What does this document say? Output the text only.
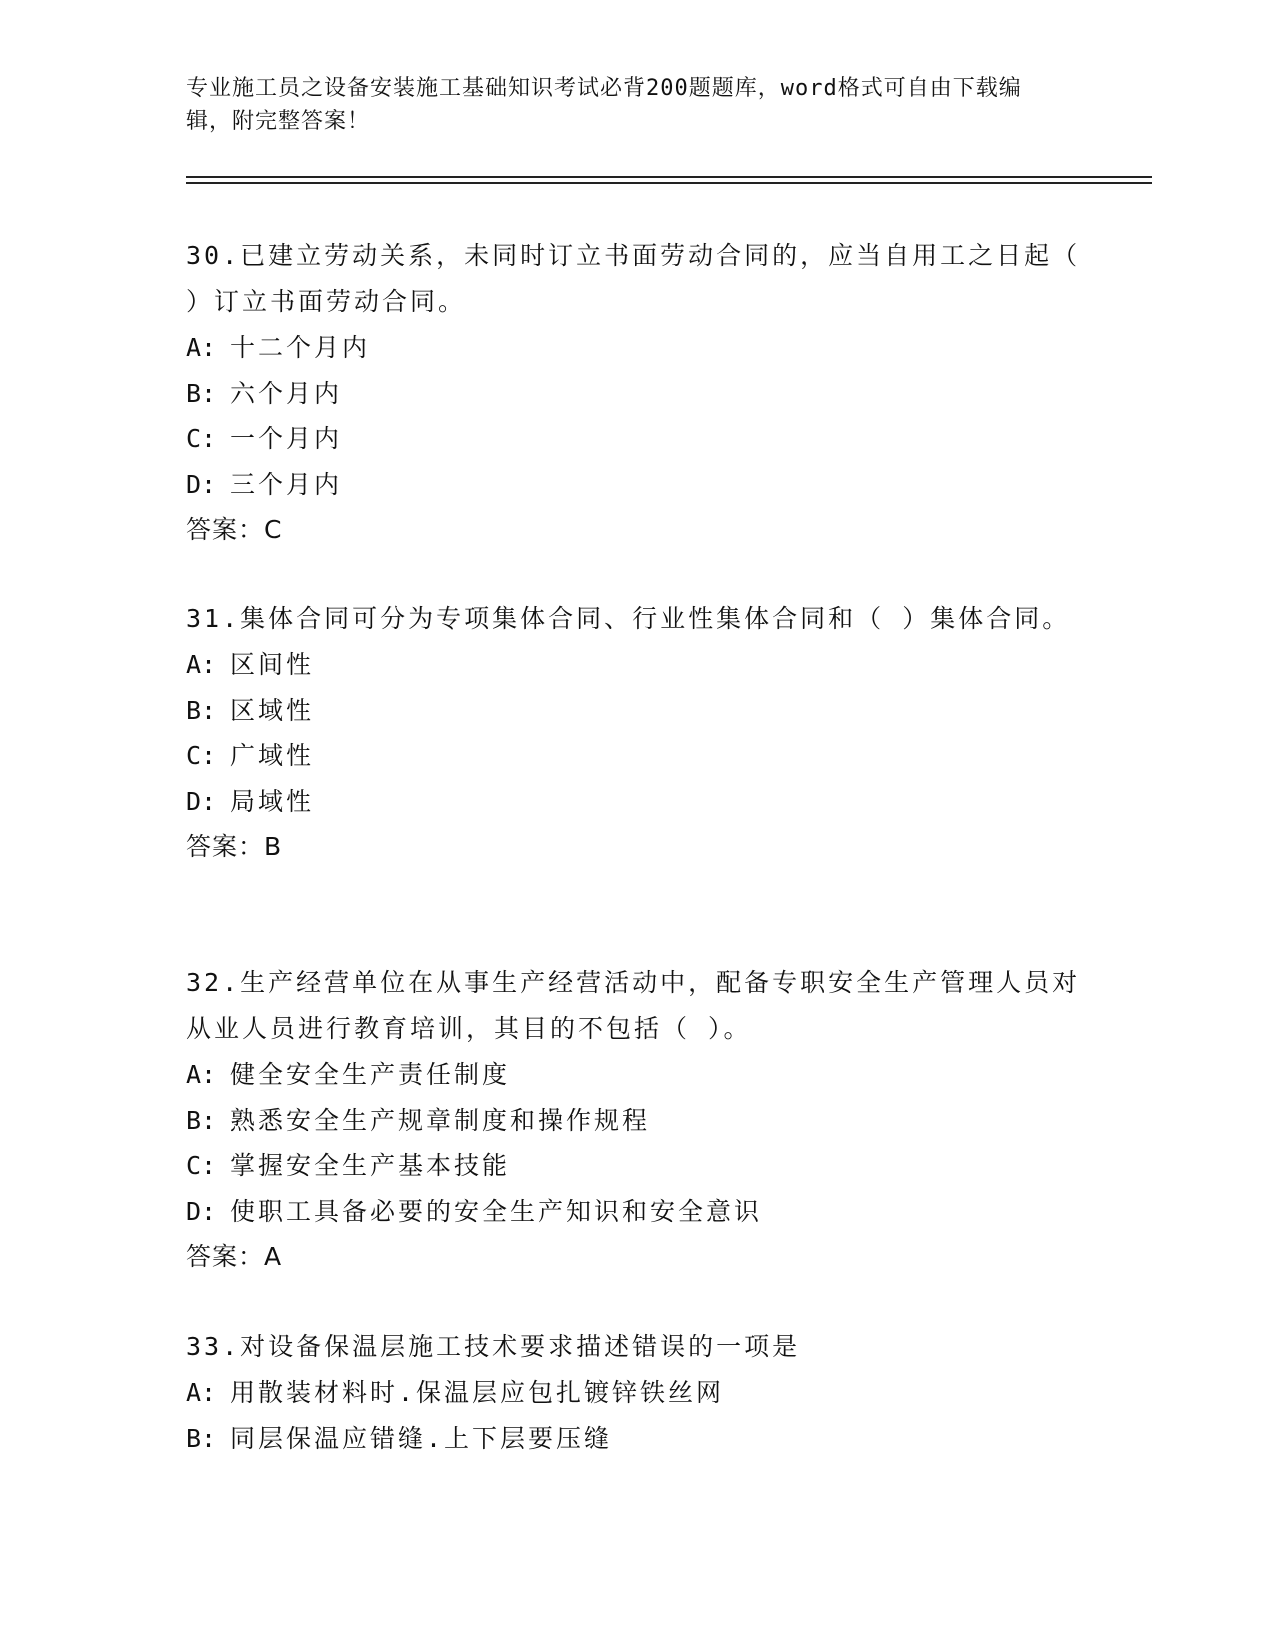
专业施工员之设备安装施工基础知识考试必背200题题库，word格式可自由下载编辑，附完整答案！
30.已建立劳动关系，未同时订立书面劳动合同的，应当自用工之日起（ ）订立书面劳动合同。
A: 十二个月内
B: 六个月内
C: 一个月内
D: 三个月内
答案：C
31.集体合同可分为专项集体合同、行业性集体合同和（ ）集体合同。
A: 区间性
B: 区域性
C: 广域性
D: 局域性
答案：B
32.生产经营单位在从事生产经营活动中，配备专职安全生产管理人员对从业人员进行教育培训，其目的不包括（ ）。
A: 健全安全生产责任制度
B: 熟悉安全生产规章制度和操作规程
C: 掌握安全生产基本技能
D: 使职工具备必要的安全生产知识和安全意识
答案：A
33.对设备保温层施工技术要求描述错误的一项是
A: 用散装材料时.保温层应包扎镀锌铁丝网
B: 同层保温应错缝.上下层要压缝
